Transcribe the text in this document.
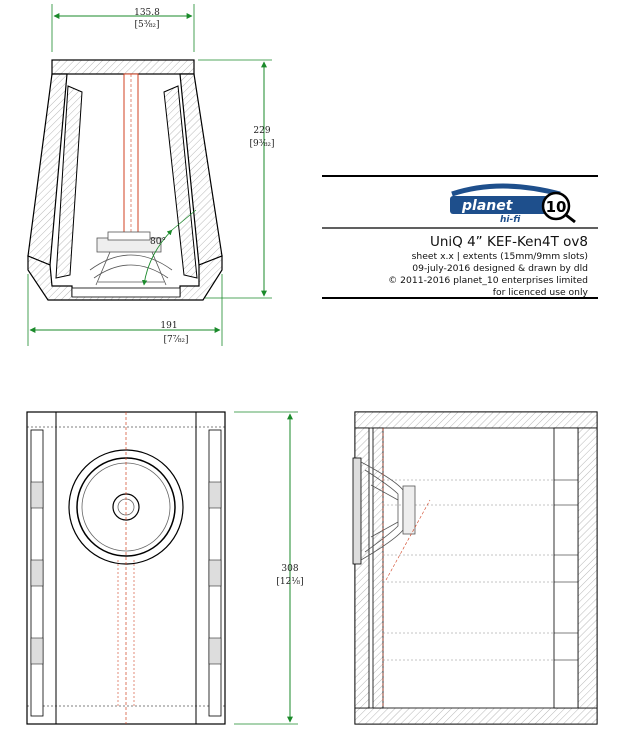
80°
135.8
[5⅜₂]
229
[9⅜₂]
191
[7⅞₂]
planet
hi-fi
10
UniQ 4” KEF-Ken4T ov8
sheet x.x | extents (15mm/9mm slots)
09-july-2016 designed & drawn by dld
© 2011-2016 planet_10 enterprises limited
for licenced use only
308
[12⅛]
